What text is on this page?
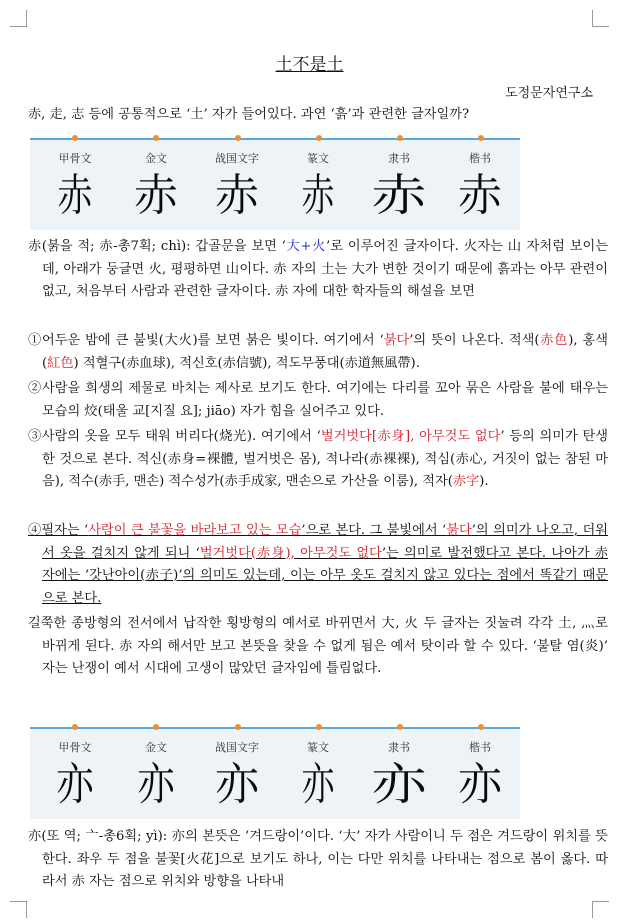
土不是土
도정문자연구소

赤, 走, 志 등에 공통적으로 ‘土’ 자가 들어있다. 과연 ‘흙’과 관련한 글자일까?

甲骨文	金文	战国文字	篆文	隶书	楷书
赤 赤 赤 赤 赤 赤

赤(붉을 적; 赤-총7획; chì): 갑골문을 보면 ‘大+火’로 이루어진 글자이다. 火자는 山 자처럼 보이는데, 아래가 둥글면 火, 평평하면 山이다. 赤 자의 土는 大가 변한 것이기 때문에 흙과는 아무 관련이 없고, 처음부터 사람과 관련한 글자이다. 赤 자에 대한 학자들의 해설을 보면

①어두운 밤에 큰 불빛(大火)를 보면 붉은 빛이다. 여기에서 ‘붉다’의 뜻이 나온다. 적색(赤色), 홍색(紅色) 적혈구(赤血球), 적신호(赤信號), 적도무풍대(赤道無風帶).

②사람을 희생의 제물로 바치는 제사로 보기도 한다. 여기에는 다리를 꼬아 묶은 사람을 불에 태우는 모습의 烄(태울 교[지질 요]; jiāo) 자가 힘을 실어주고 있다.

③사람의 옷을 모두 태워 버리다(烧光). 여기에서 ‘벌거벗다[赤身], 아무것도 없다’ 등의 의미가 탄생한 것으로 본다. 적신(赤身=裸體, 벌거벗은 몸), 적나라(赤裸裸), 적심(赤心, 거짓이 없는 참된 마음), 적수(赤手, 맨손) 적수성가(赤手成家, 맨손으로 가산을 이룸), 적자(赤字).

④필자는 ‘사람이 큰 불꽃을 바라보고 있는 모습’으로 본다. 그 불빛에서 ‘붉다’의 의미가 나오고, 더워서 옷을 걸치지 않게 되니 ‘벌거벗다(赤身), 아무것도 없다’는 의미로 발전했다고 본다. 나아가 赤 자에는 ‘갓난아이(赤子)’의 의미도 있는데, 이는 아무 옷도 걸치지 않고 있다는 점에서 똑같기 때문으로 본다.

길쭉한 종방형의 전서에서 납작한 횡방형의 예서로 바뀌면서 大, 火 두 글자는 짓눌려 각각 土, 灬로 바뀌게 된다. 赤 자의 해서만 보고 본뜻을 찾을 수 없게 됨은 예서 탓이라 할 수 있다. ‘불탈 염(炎)’ 자는 난쟁이 예서 시대에 고생이 많았던 글자임에 틀림없다.

甲骨文	金文	战国文字	篆文	隶书	楷书
亦 亦 亦 亦 亦 亦

亦(또 역; 亠-총6획; yì): 亦의 본뜻은 ‘겨드랑이’이다. ‘大’ 자가 사람이니 두 점은 겨드랑이 위치를 뜻한다. 좌우 두 점을 불꽃[火花]으로 보기도 하나, 이는 다만 위치를 나타내는 점으로 봄이 옳다. 따라서 赤 자는 점으로 위치와 방향을 나타내
